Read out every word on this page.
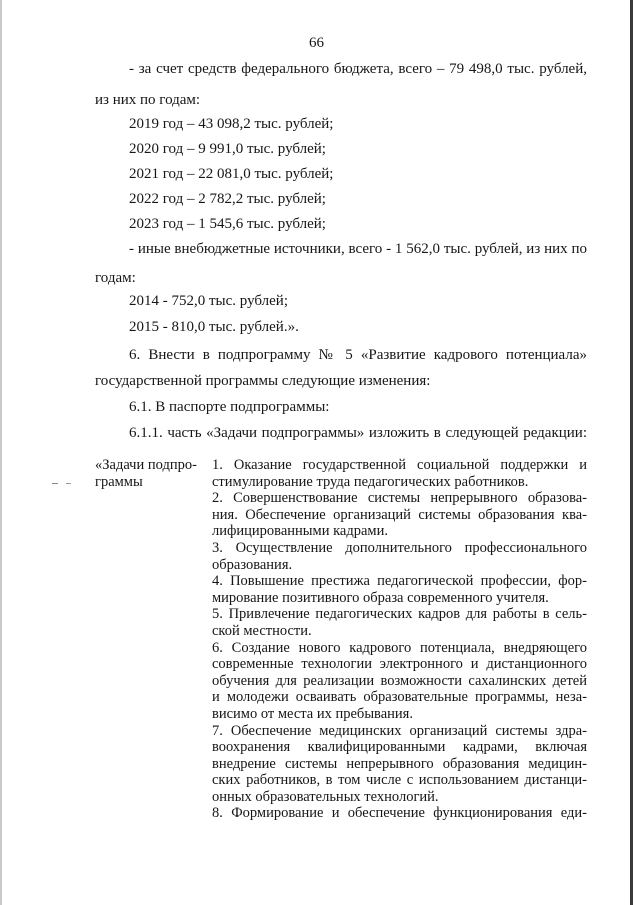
66
- за счет средств федерального бюджета, всего – 79 498,0 тыс. рублей,
из них по годам:
2019 год – 43 098,2 тыс. рублей;
2020 год – 9 991,0 тыс. рублей;
2021 год – 22 081,0 тыс. рублей;
2022 год – 2 782,2 тыс. рублей;
2023 год – 1 545,6 тыс. рублей;
- иные внебюджетные источники, всего - 1 562,0 тыс. рублей, из них по
годам:
2014 - 752,0 тыс. рублей;
2015 - 810,0 тыс. рублей.».
6. Внести в подпрограмму № 5 «Развитие кадрового потенциала»
государственной программы следующие изменения:
6.1. В паспорте подпрограммы:
6.1.1. часть «Задачи подпрограммы» изложить в следующей редакции:
«Задачи подпро-
граммы
1. Оказание государственной социальной поддержки и
стимулирование труда педагогических работников.
2. Совершенствование системы непрерывного образова-
ния. Обеспечение организаций системы образования ква-
лифицированными кадрами.
3. Осуществление дополнительного профессионального
образования.
4. Повышение престижа педагогической профессии, фор-
мирование позитивного образа современного учителя.
5. Привлечение педагогических кадров для работы в сель-
ской местности.
6. Создание нового кадрового потенциала, внедряющего
современные технологии электронного и дистанционного
обучения для реализации возможности сахалинских детей
и молодежи осваивать образовательные программы, неза-
висимо от места их пребывания.
7. Обеспечение медицинских организаций системы здра-
воохранения квалифицированными кадрами, включая
внедрение системы непрерывного образования медицин-
ских работников, в том числе с использованием дистанци-
онных образовательных технологий.
8. Формирование и обеспечение функционирования еди-
